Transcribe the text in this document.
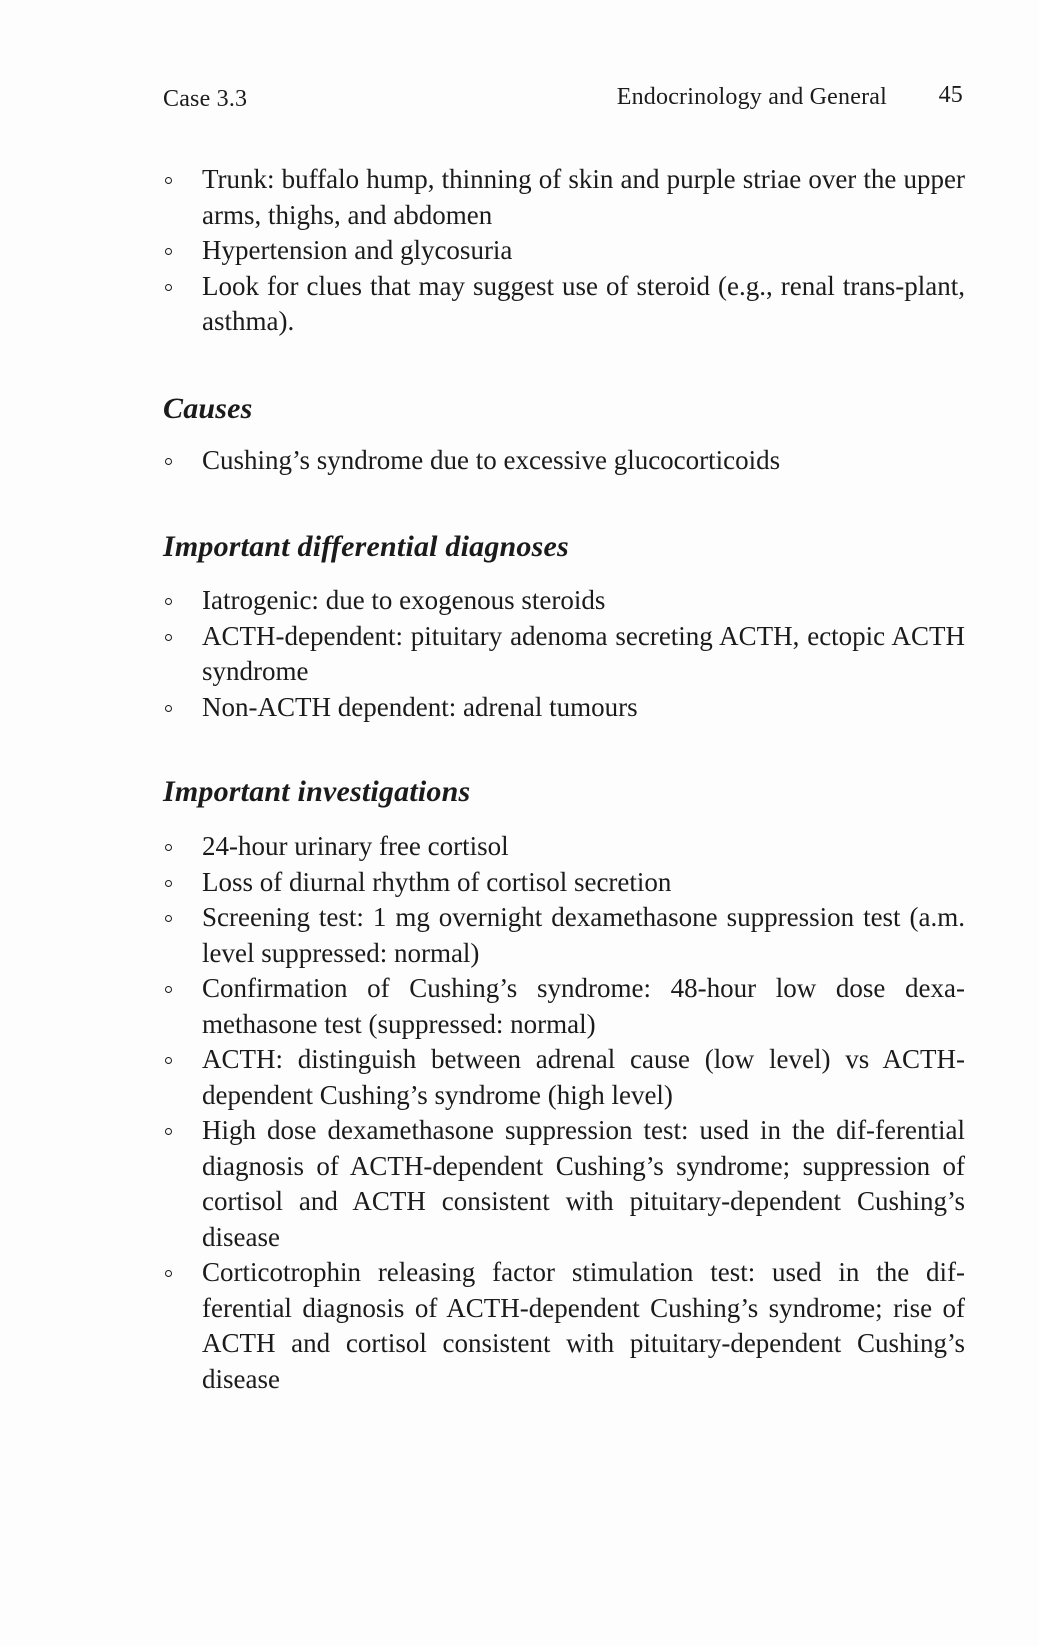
Case 3.3	Endocrinology and General 45
Trunk: buffalo hump, thinning of skin and purple striae over the upper arms, thighs, and abdomen
Hypertension and glycosuria
Look for clues that may suggest use of steroid (e.g., renal trans-plant, asthma).
Causes
Cushing’s syndrome due to excessive glucocorticoids
Important differential diagnoses
Iatrogenic: due to exogenous steroids
ACTH-dependent: pituitary adenoma secreting ACTH, ectopic ACTH syndrome
Non-ACTH dependent: adrenal tumours
Important investigations
24-hour urinary free cortisol
Loss of diurnal rhythm of cortisol secretion
Screening test: 1 mg overnight dexamethasone suppression test (a.m. level suppressed: normal)
Confirmation of Cushing’s syndrome: 48-hour low dose dexa-methasone test (suppressed: normal)
ACTH: distinguish between adrenal cause (low level) vs ACTH-dependent Cushing’s syndrome (high level)
High dose dexamethasone suppression test: used in the dif-ferential diagnosis of ACTH-dependent Cushing’s syndrome; suppression of cortisol and ACTH consistent with pituitary-dependent Cushing’s disease
Corticotrophin releasing factor stimulation test: used in the dif-ferential diagnosis of ACTH-dependent Cushing’s syndrome; rise of ACTH and cortisol consistent with pituitary-dependent Cushing’s disease
